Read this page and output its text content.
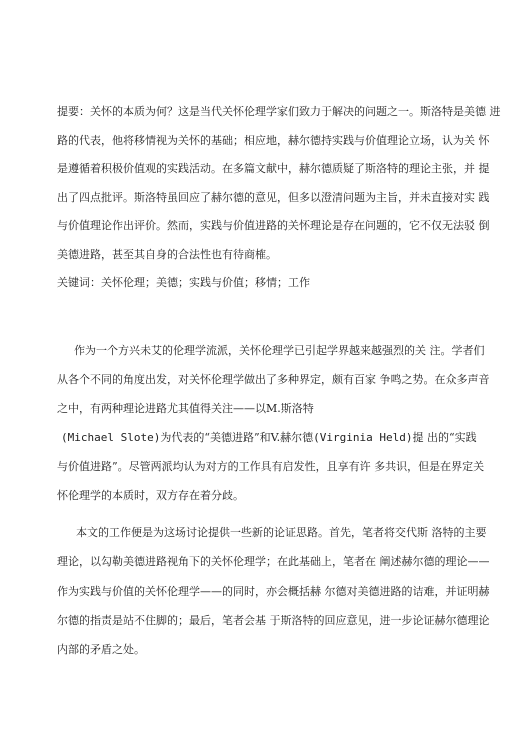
提要：关怀的本质为何？这是当代关怀伦理学家们致力于解决的问题之一。斯洛特是美德 进
路的代表，他将移情视为关怀的基础；相应地，赫尔德持实践与价值理论立场，认为关 怀
是遵循着积极价值观的实践活动。在多篇文献中，赫尔德质疑了斯洛特的理论主张，并 提
出了四点批评。斯洛特虽回应了赫尔德的意见，但多以澄清问题为主旨，并未直接对实 践
与价值理论作出评价。然而，实践与价值进路的关怀理论是存在问题的，它不仅无法驳 倒
美德进路，甚至其自身的合法性也有待商榷。
关键词：关怀伦理；美德；实践与价值；移情；工作
作为一个方兴未艾的伦理学流派，关怀伦理学已引起学界越来越强烈的关 注。学者们
从各个不同的角度出发，对关怀伦理学做出了多种界定，颇有百家 争鸣之势。在众多声音
之中，有两种理论进路尤其值得关注——以M.斯洛特
(Michael Slote)为代表的“美德进路”和V.赫尔德(Virginia Held)提 出的“实践
与价值进路”。尽管两派均认为对方的工作具有启发性，且享有许 多共识，但是在界定关
怀伦理学的本质时，双方存在着分歧。
本文的工作便是为这场讨论提供一些新的论证思路。首先，笔者将交代斯 洛特的主要
理论，以勾勒美德进路视角下的关怀伦理学；在此基础上，笔者在 阐述赫尔德的理论——
作为实践与价值的关怀伦理学——的同时，亦会概括赫 尔德对美德进路的诘难，并证明赫
尔德的指责是站不住脚的；最后，笔者会基 于斯洛特的回应意见，进一步论证赫尔德理论
内部的矛盾之处。
